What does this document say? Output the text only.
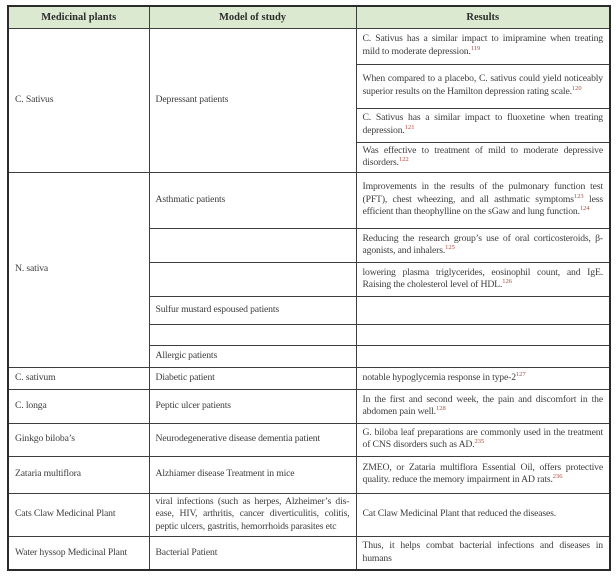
Medicinal plants	Model of study	Results
C. Sativus	Depressant patients	C. Sativus has a similar impact to imipramine when treating mild to moderate depression.$^{119}$
		When compared to a placebo, C. sativus could yield noticeably superior results on the Hamilton depression rating scale.$^{120}$
		C. Sativus has a similar impact to fluoxetine when treating depression.$^{121}$
		Was effective to treatment of mild to moderate depressive disorders.$^{122}$
N. sativa	Asthmatic patients	Improvements in the results of the pulmonary function test (PFT), chest wheezing, and all asthmatic symptoms$^{123}$ less efficient than theophylline on the sGaw and lung function.$^{124}$
		Reducing the research group’s use of oral corticosteroids, β-agonists, and inhalers.$^{125}$
		lowering plasma triglycerides, eosinophil count, and IgE. Raising the cholesterol level of HDL.$^{126}$
	Sulfur mustard espoused patients	

	Allergic patients	
C. sativum	Diabetic patient	notable hypoglycemia response in type-$2^{127}$
C. longa	Peptic ulcer patients	In the first and second week, the pain and discomfort in the abdomen pain well.$^{128}$
Ginkgo biloba’s	Neurodegenerative disease dementia patient	G. biloba leaf preparations are commonly used in the treatment of CNS disorders such as AD.$^{235}$
Zataria multiflora	Alzhiamer disease Treatment in mice	ZMEO, or Zataria multiflora Essential Oil, offers protective quality. reduce the memory impairment in AD rats.$^{236}$
Cats Claw Medicinal Plant	viral infections (such as herpes, Alzheimer’s disease, HIV, arthritis, cancer diverticulitis, colitis, peptic ulcers, gastritis, hemorrhoids parasites etc	Cat Claw Medicinal Plant that reduced the diseases.
Water hyssop Medicinal Plant	Bacterial Patient	Thus, it helps combat bacterial infections and diseases in humans
